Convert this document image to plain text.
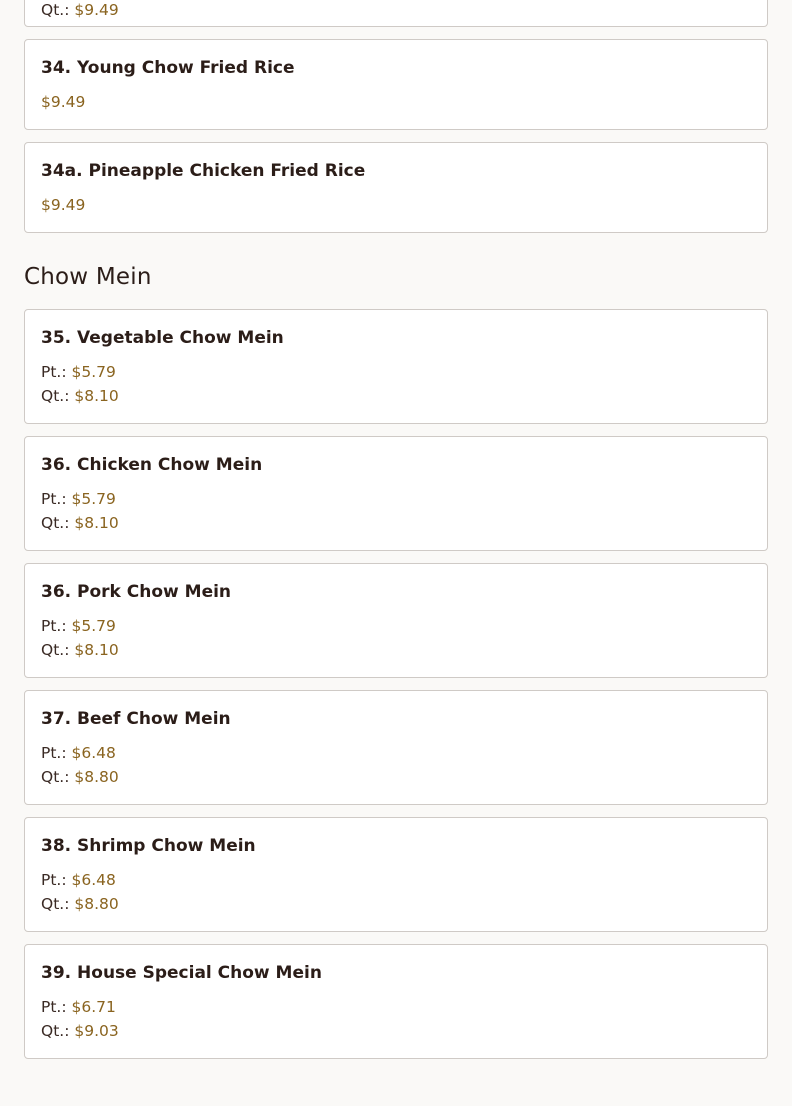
Qt.: $9.49
34. Young Chow Fried Rice
$9.49
34a. Pineapple Chicken Fried Rice
$9.49
Chow Mein
35. Vegetable Chow Mein
Pt.: $5.79
Qt.: $8.10
36. Chicken Chow Mein
Pt.: $5.79
Qt.: $8.10
36. Pork Chow Mein
Pt.: $5.79
Qt.: $8.10
37. Beef Chow Mein
Pt.: $6.48
Qt.: $8.80
38. Shrimp Chow Mein
Pt.: $6.48
Qt.: $8.80
39. House Special Chow Mein
Pt.: $6.71
Qt.: $9.03
